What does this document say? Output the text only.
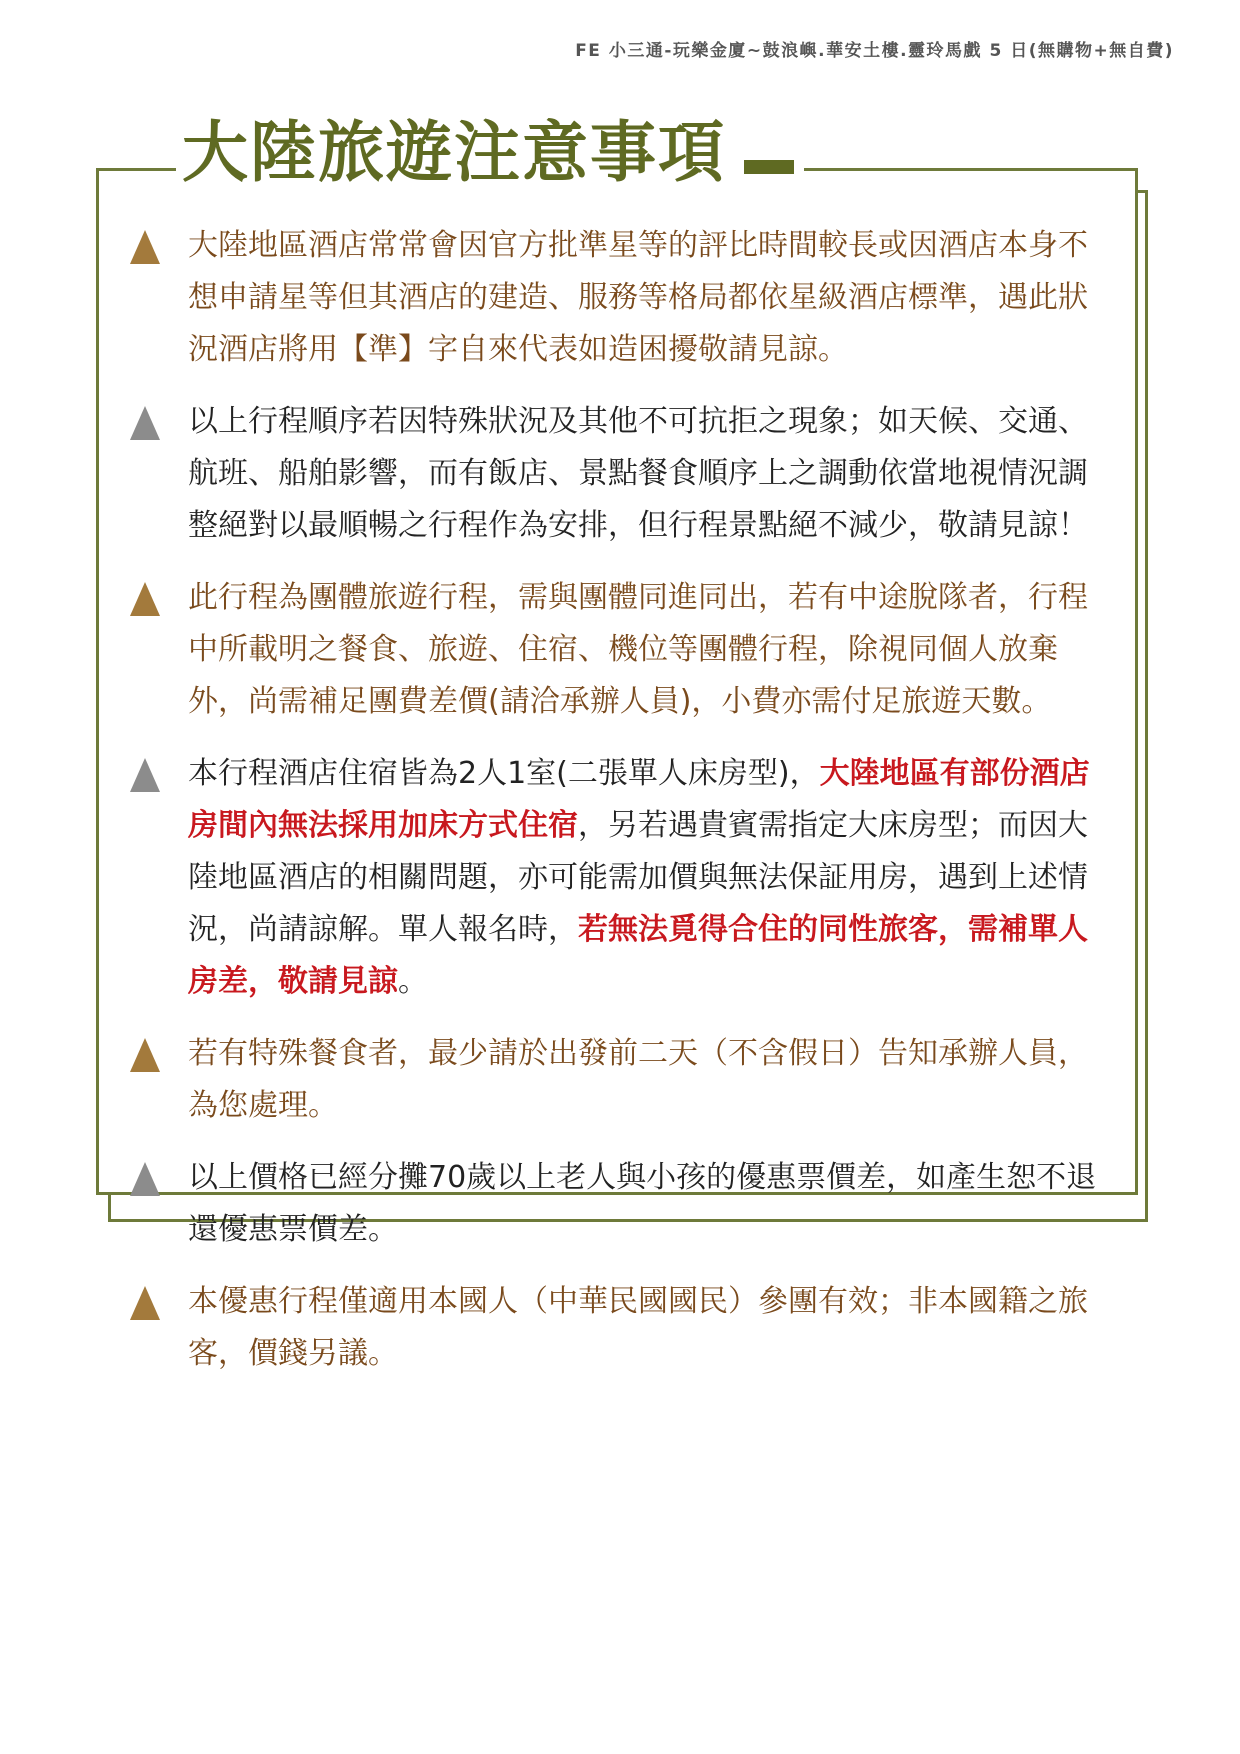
FE 小三通-玩樂金廈~鼓浪嶼.華安土樓.靈玲馬戲 5 日(無購物+無自費)
大陸旅遊注意事項
大陸地區酒店常常會因官方批準星等的評比時間較長或因酒店本身不想申請星等但其酒店的建造、服務等格局都依星級酒店標準，遇此狀況酒店將用【準】字自來代表如造困擾敬請見諒。
以上行程順序若因特殊狀況及其他不可抗拒之現象；如天候、交通、航班、船舶影響，而有飯店、景點餐食順序上之調動依當地視情況調整絕對以最順暢之行程作為安排，但行程景點絕不減少，敬請見諒！
此行程為團體旅遊行程，需與團體同進同出，若有中途脫隊者，行程中所載明之餐食、旅遊、住宿、機位等團體行程，除視同個人放棄外，尚需補足團費差價(請洽承辦人員)，小費亦需付足旅遊天數。
本行程酒店住宿皆為2人1室(二張單人床房型)，大陸地區有部份酒店房間內無法採用加床方式住宿，另若遇貴賓需指定大床房型；而因大陸地區酒店的相關問題，亦可能需加價與無法保証用房，遇到上述情況，尚請諒解。單人報名時，若無法覓得合住的同性旅客，需補單人房差，敬請見諒。
若有特殊餐食者，最少請於出發前二天（不含假日）告知承辦人員，為您處理。
以上價格已經分攤70歲以上老人與小孩的優惠票價差，如產生恕不退還優惠票價差。
本優惠行程僅適用本國人（中華民國國民）參團有效；非本國籍之旅客，價錢另議。
